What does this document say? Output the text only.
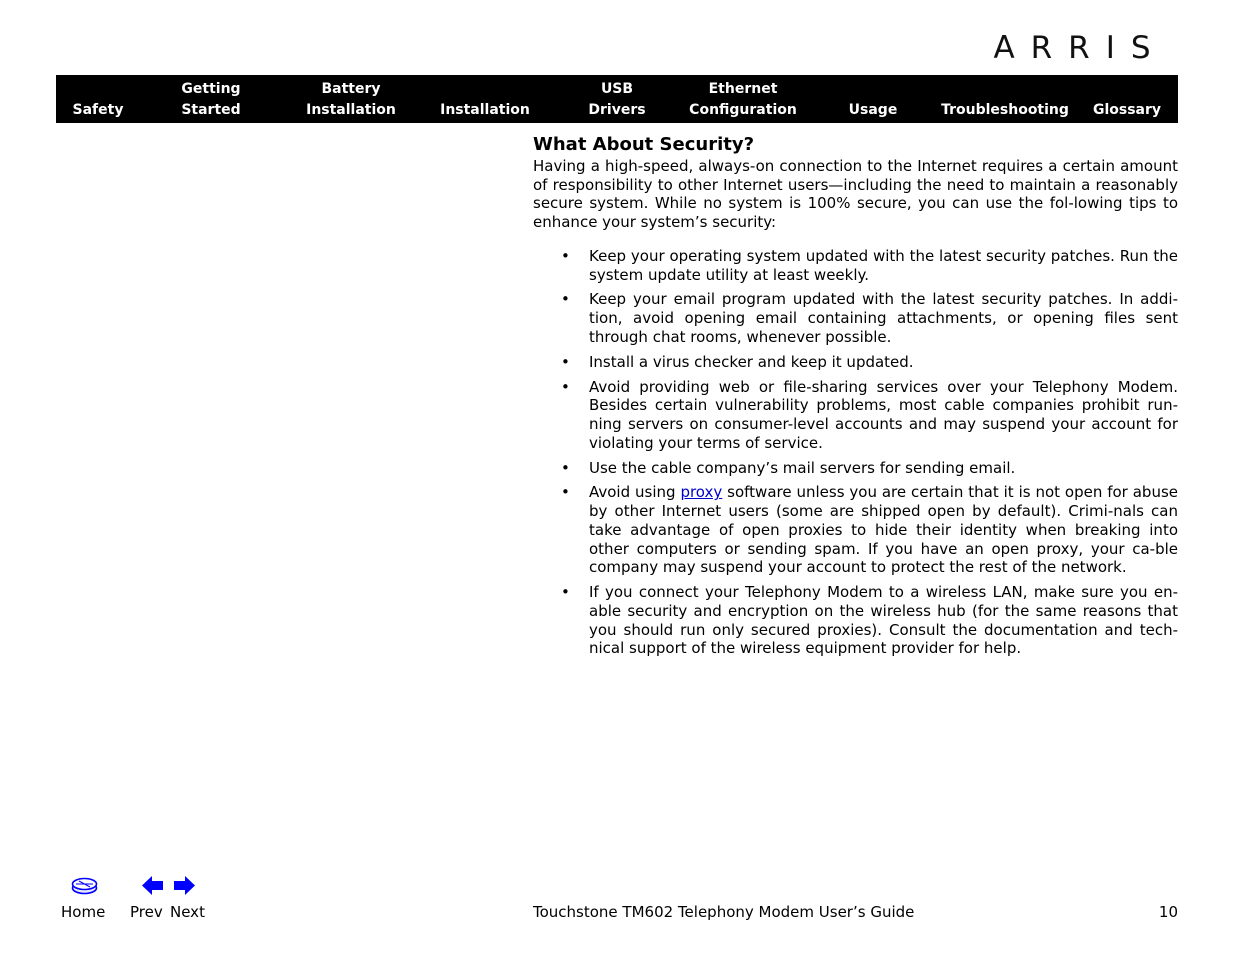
ARRIS
Safety
Getting
Started
Battery
Installation	Installation
USB
Drivers
Ethernet
Configuration	Usage	Troubleshooting Glossary
What About Security?

Having a high-speed, always-on connection to the Internet requires a certain amount of responsibility to other Internet users—including the need to maintain a reasonably secure system. While no system is 100% secure, you can use the fol-lowing tips to enhance your system’s security:

• Keep your operating system updated with the latest security patches. Run the system update utility at least weekly.
• Keep your email program updated with the latest security patches. In addi-tion, avoid opening email containing attachments, or opening files sent through chat rooms, whenever possible.
• Install a virus checker and keep it updated.
• Avoid providing web or file-sharing services over your Telephony Modem. Besides certain vulnerability problems, most cable companies prohibit run-ning servers on consumer-level accounts and may suspend your account for violating your terms of service.
• Use the cable company’s mail servers for sending email.
• Avoid using proxy software unless you are certain that it is not open for abuse by other Internet users (some are shipped open by default). Crimi-nals can take advantage of open proxies to hide their identity when breaking into other computers or sending spam. If you have an open proxy, your ca-ble company may suspend your account to protect the rest of the network.
• If you connect your Telephony Modem to a wireless LAN, make sure you en-able security and encryption on the wireless hub (for the same reasons that you should run only secured proxies). Consult the documentation and tech-nical support of the wireless equipment provider for help.
Home Prev Next	Touchstone TM602 Telephony Modem User’s Guide	10
